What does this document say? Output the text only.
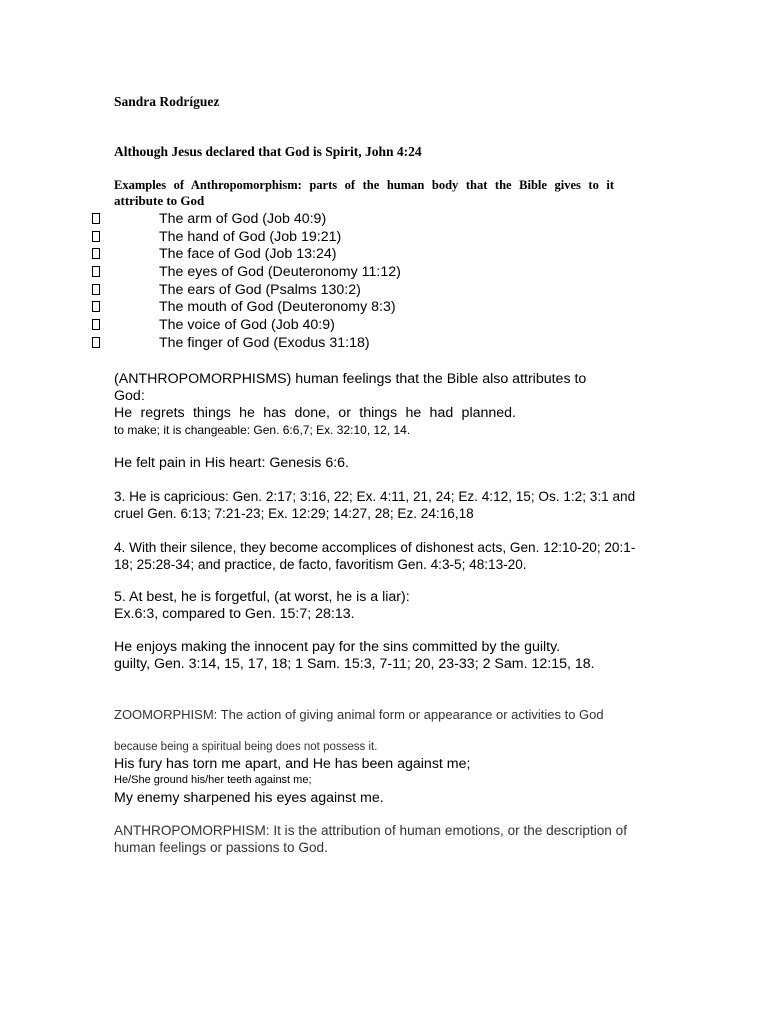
Sandra Rodríguez
Although Jesus declared that God is Spirit, John 4:24
Examples of Anthropomorphism: parts of the human body that the Bible gives to it
attribute to God
The arm of God (Job 40:9)
The hand of God (Job 19:21)
The face of God (Job 13:24)
The eyes of God (Deuteronomy 11:12)
The ears of God (Psalms 130:2)
The mouth of God (Deuteronomy 8:3)
The voice of God (Job 40:9)
The finger of God (Exodus 31:18)
(ANTHROPOMORPHISMS) human feelings that the Bible also attributes to
God:
He regrets things he has done, or things he had planned.
to make; it is changeable: Gen. 6:6,7; Ex. 32:10, 12, 14.
He felt pain in His heart: Genesis 6:6.
3. He is capricious: Gen. 2:17; 3:16, 22; Ex. 4:11, 21, 24; Ez. 4:12, 15; Os. 1:2; 3:1 and
cruel Gen. 6:13; 7:21-23; Ex. 12:29; 14:27, 28; Ez. 24:16,18
4. With their silence, they become accomplices of dishonest acts, Gen. 12:10-20; 20:1-
18; 25:28-34; and practice, de facto, favoritism Gen. 4:3-5; 48:13-20.
5. At best, he is forgetful, (at worst, he is a liar):
Ex.6:3, compared to Gen. 15:7; 28:13.
He enjoys making the innocent pay for the sins committed by the guilty.
guilty, Gen. 3:14, 15, 17, 18; 1 Sam. 15:3, 7-11; 20, 23-33; 2 Sam. 12:15, 18.
ZOOMORPHISM: The action of giving animal form or appearance or activities to God
because being a spiritual being does not possess it.
His fury has torn me apart, and He has been against me;
He/She ground his/her teeth against me;
My enemy sharpened his eyes against me.
ANTHROPOMORPHISM: It is the attribution of human emotions, or the description of
human feelings or passions to God.
